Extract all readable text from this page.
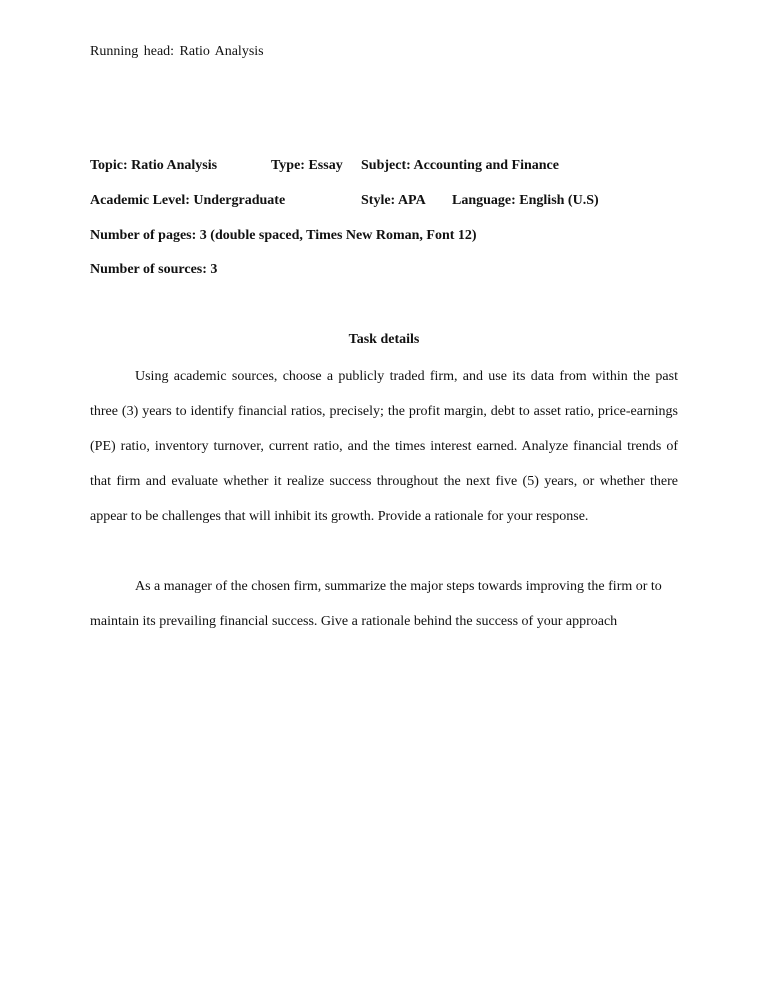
Running head: Ratio Analysis
Topic: Ratio Analysis	Type: Essay Subject: Accounting and Finance
Academic Level: Undergraduate	Style: APA Language: English (U.S)
Number of pages: 3 (double spaced, Times New Roman, Font 12)
Number of sources: 3
Task details

Using academic sources, choose a publicly traded firm, and use its data from within the past three (3) years to identify financial ratios, precisely; the profit margin, debt to asset ratio, price-earnings (PE) ratio, inventory turnover, current ratio, and the times interest earned. Analyze financial trends of that firm and evaluate whether it realize success throughout the next five (5) years, or whether there appear to be challenges that will inhibit its growth. Provide a rationale for your response.

As a manager of the chosen firm, summarize the major steps towards improving the firm or to maintain its prevailing financial success. Give a rationale behind the success of your approach
